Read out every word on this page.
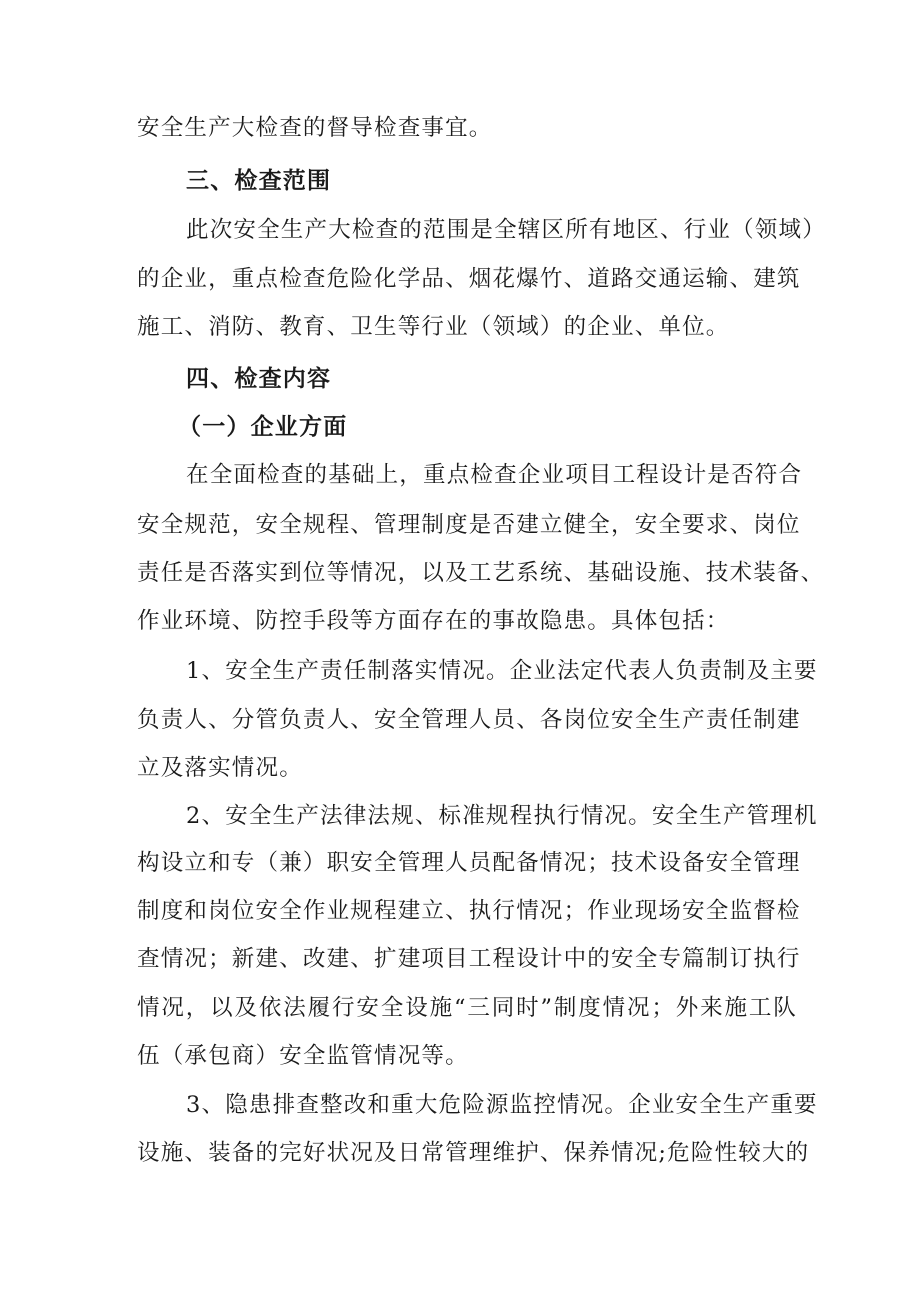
安全生产大检查的督导检查事宜。
三、检查范围
此次安全生产大检查的范围是全辖区所有地区、行业（领域）
的企业，重点检查危险化学品、烟花爆竹、道路交通运输、建筑
施工、消防、教育、卫生等行业（领域）的企业、单位。
四、检查内容
（一）企业方面
在全面检查的基础上，重点检查企业项目工程设计是否符合
安全规范，安全规程、管理制度是否建立健全，安全要求、岗位
责任是否落实到位等情况，以及工艺系统、基础设施、技术装备、
作业环境、防控手段等方面存在的事故隐患。具体包括：
1、安全生产责任制落实情况。企业法定代表人负责制及主要
负责人、分管负责人、安全管理人员、各岗位安全生产责任制建
立及落实情况。
2、安全生产法律法规、标准规程执行情况。安全生产管理机
构设立和专（兼）职安全管理人员配备情况；技术设备安全管理
制度和岗位安全作业规程建立、执行情况；作业现场安全监督检
查情况；新建、改建、扩建项目工程设计中的安全专篇制订执行
情况，以及依法履行安全设施“三同时”制度情况；外来施工队
伍（承包商）安全监管情况等。
3、隐患排查整改和重大危险源监控情况。企业安全生产重要
设施、装备的完好状况及日常管理维护、保养情况;危险性较大的
